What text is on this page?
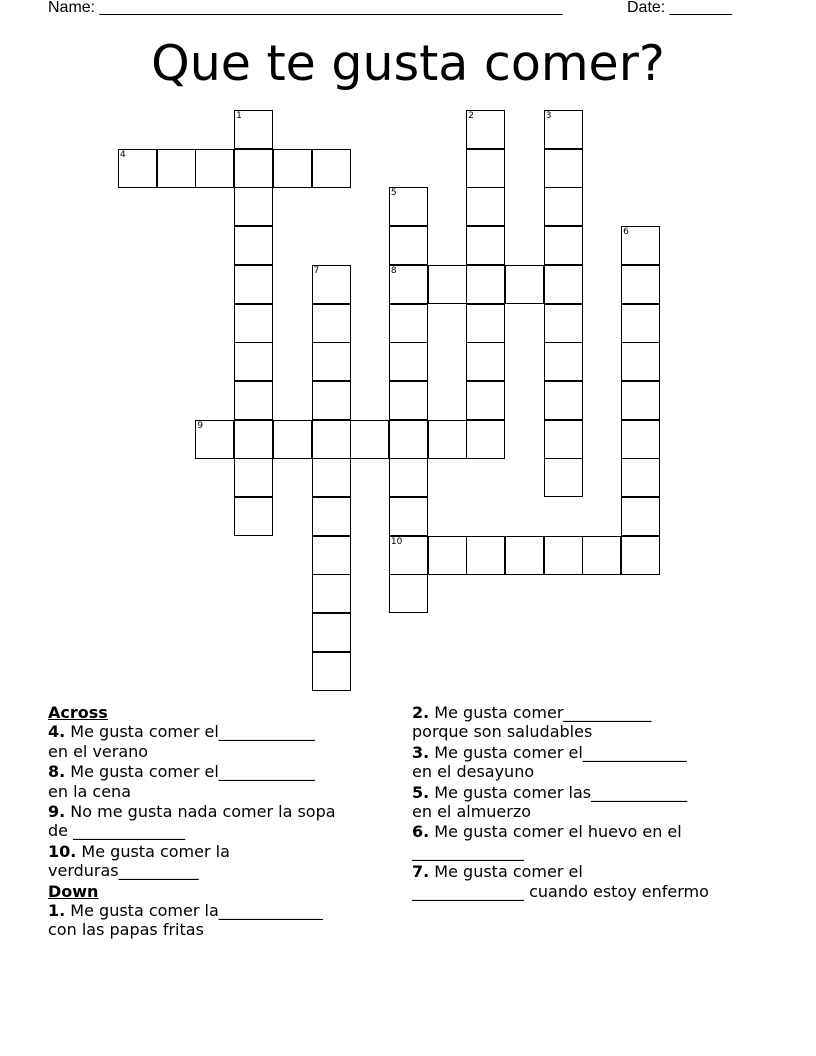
Name: ____________________________________________________	Date: _______
Que te gusta comer?
1	2	3
4
5
8
10
6
7
9
Across
4. Me gusta comer el____________
en el verano
8. Me gusta comer el____________
en la cena
9. No me gusta nada comer la sopa
de ______________
10. Me gusta comer la
verduras__________
Down
1. Me gusta comer la_____________
con las papas fritas
2. Me gusta comer___________
porque son saludables
3. Me gusta comer el_____________
en el desayuno
5. Me gusta comer las____________
en el almuerzo
6. Me gusta comer el huevo en el
______________
7. Me gusta comer el
______________ cuando estoy enfermo
